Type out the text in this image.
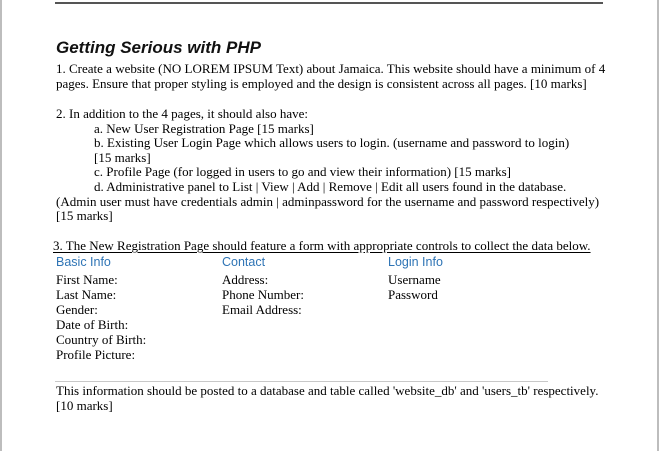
Getting Serious with PHP
1. Create a website (NO LOREM IPSUM Text) about Jamaica. This website should have a minimum of 4
pages. Ensure that proper styling is employed and the design is consistent across all pages. [10 marks]
2. In addition to the 4 pages, it should also have:
a. New User Registration Page [15 marks]
b. Existing User Login Page which allows users to login. (username and password to login)
[15 marks]
c. Profile Page (for logged in users to go and view their information) [15 marks]
d. Administrative panel to List | View | Add | Remove | Edit all users found in the database.
(Admin user must have credentials admin | adminpassword for the username and password respectively)
[15 marks]
3. The New Registration Page should feature a form with appropriate controls to collect the data below.
Basic Info	Contact	Login Info
First Name:
Last Name:
Gender:
Date of Birth:
Country of Birth:
Profile Picture:
Address:
Phone Number:
Email Address:
Username
Password
This information should be posted to a database and table called 'website_db' and 'users_tb' respectively.
[10 marks]
